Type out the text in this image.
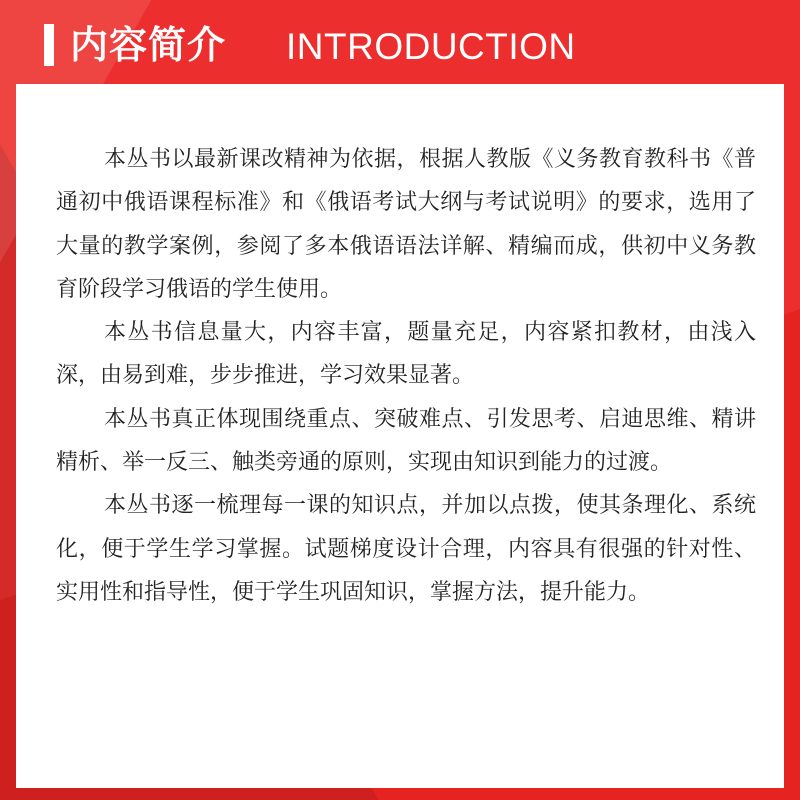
内容简介 INTRODUCTION

本丛书以最新课改精神为依据，根据人教版《义务教育教科书《普通初中俄语课程标准》和《俄语考试大纲与考试说明》的要求，选用了大量的教学案例，参阅了多本俄语语法详解、精编而成，供初中义务教育阶段学习俄语的学生使用。

本丛书信息量大，内容丰富，题量充足，内容紧扣教材，由浅入深，由易到难，步步推进，学习效果显著。

本丛书真正体现围绕重点、突破难点、引发思考、启迪思维、精讲精析、举一反三、触类旁通的原则，实现由知识到能力的过渡。

本丛书逐一梳理每一课的知识点，并加以点拨，使其条理化、系统化，便于学生学习掌握。试题梯度设计合理，内容具有很强的针对性、实用性和指导性，便于学生巩固知识，掌握方法，提升能力。
